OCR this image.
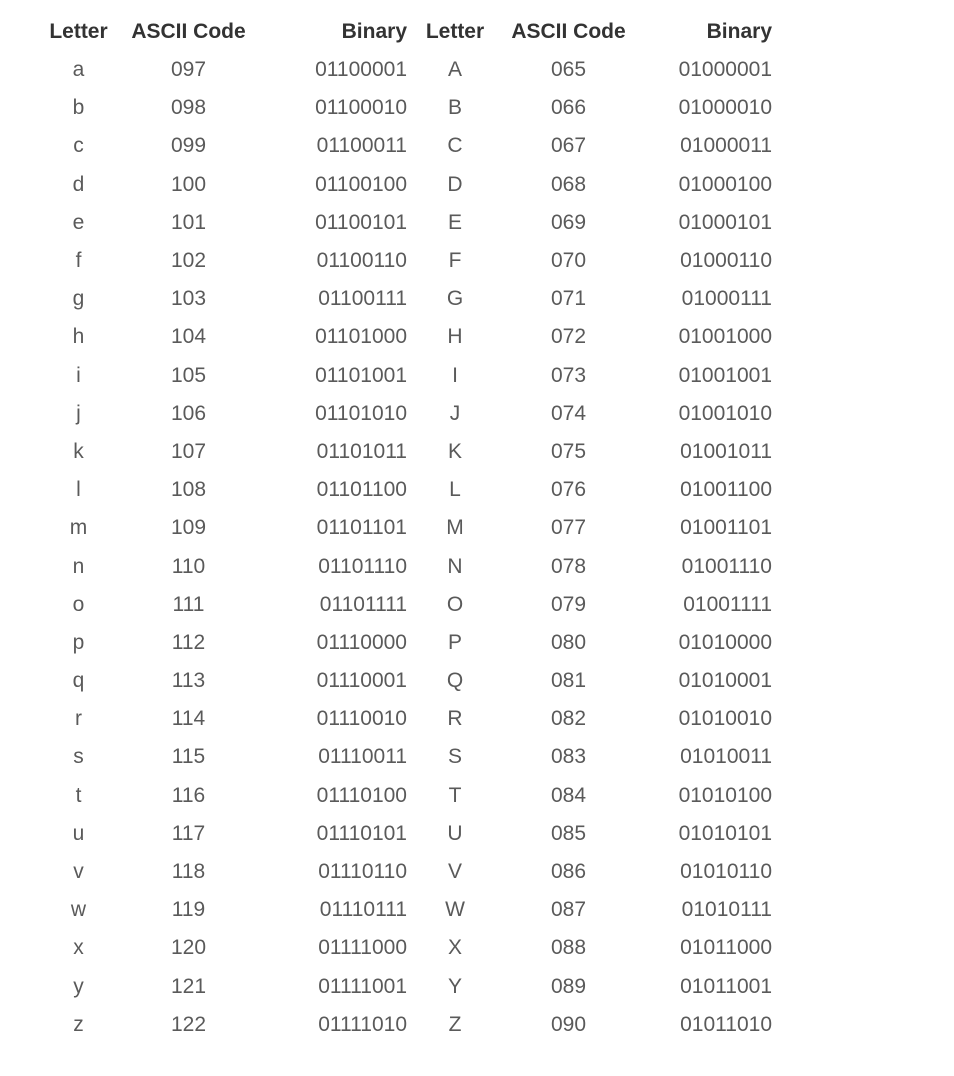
Letter	ASCII Code	Binary	Letter	ASCII Code	Binary
a	097	01100001	A	065	01000001
b	098	01100010	B	066	01000010
c	099	01100011	C	067	01000011
d	100	01100100	D	068	01000100
e	101	01100101	E	069	01000101
f	102	01100110	F	070	01000110
g	103	01100111	G	071	01000111
h	104	01101000	H	072	01001000
i	105	01101001	I	073	01001001
j	106	01101010	J	074	01001010
k	107	01101011	K	075	01001011
l	108	01101100	L	076	01001100
m	109	01101101	M	077	01001101
n	110	01101110	N	078	01001110
o	111	01101111	O	079	01001111
p	112	01110000	P	080	01010000
q	113	01110001	Q	081	01010001
r	114	01110010	R	082	01010010
s	115	01110011	S	083	01010011
t	116	01110100	T	084	01010100
u	117	01110101	U	085	01010101
v	118	01110110	V	086	01010110
w	119	01110111	W	087	01010111
x	120	01111000	X	088	01011000
y	121	01111001	Y	089	01011001
z	122	01111010	Z	090	01011010
